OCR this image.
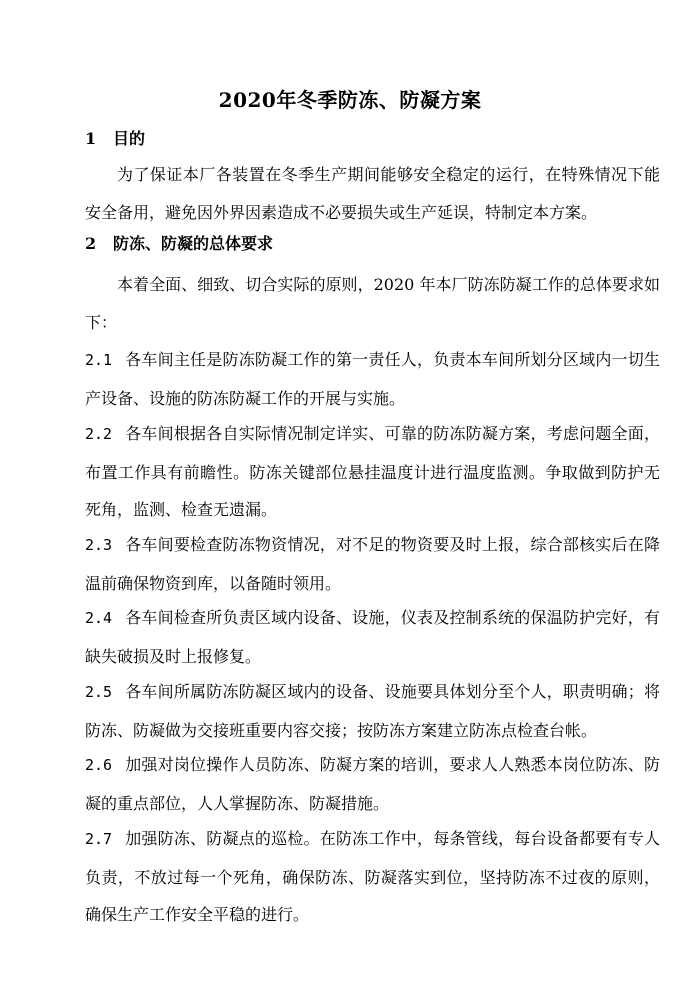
2020年冬季防冻、防凝方案
1 目的

为了保证本厂各装置在冬季生产期间能够安全稳定的运行，在特殊情况下能安全备用，避免因外界因素造成不必要损失或生产延误，特制定本方案。

2 防冻、防凝的总体要求

本着全面、细致、切合实际的原则，2020 年本厂防冻防凝工作的总体要求如下：

2.1 各车间主任是防冻防凝工作的第一责任人，负责本车间所划分区域内一切生产设备、设施的防冻防凝工作的开展与实施。

2.2 各车间根据各自实际情况制定详实、可靠的防冻防凝方案，考虑问题全面，布置工作具有前瞻性。防冻关键部位悬挂温度计进行温度监测。争取做到防护无死角，监测、检查无遗漏。

2.3 各车间要检查防冻物资情况，对不足的物资要及时上报，综合部核实后在降温前确保物资到库，以备随时领用。

2.4 各车间检查所负责区域内设备、设施，仪表及控制系统的保温防护完好，有缺失破损及时上报修复。

2.5 各车间所属防冻防凝区域内的设备、设施要具体划分至个人，职责明确；将防冻、防凝做为交接班重要内容交接；按防冻方案建立防冻点检查台帐。

2.6 加强对岗位操作人员防冻、防凝方案的培训，要求人人熟悉本岗位防冻、防凝的重点部位，人人掌握防冻、防凝措施。

2.7 加强防冻、防凝点的巡检。在防冻工作中，每条管线，每台设备都要有专人负责，不放过每一个死角，确保防冻、防凝落实到位，坚持防冻不过夜的原则，确保生产工作安全平稳的进行。
